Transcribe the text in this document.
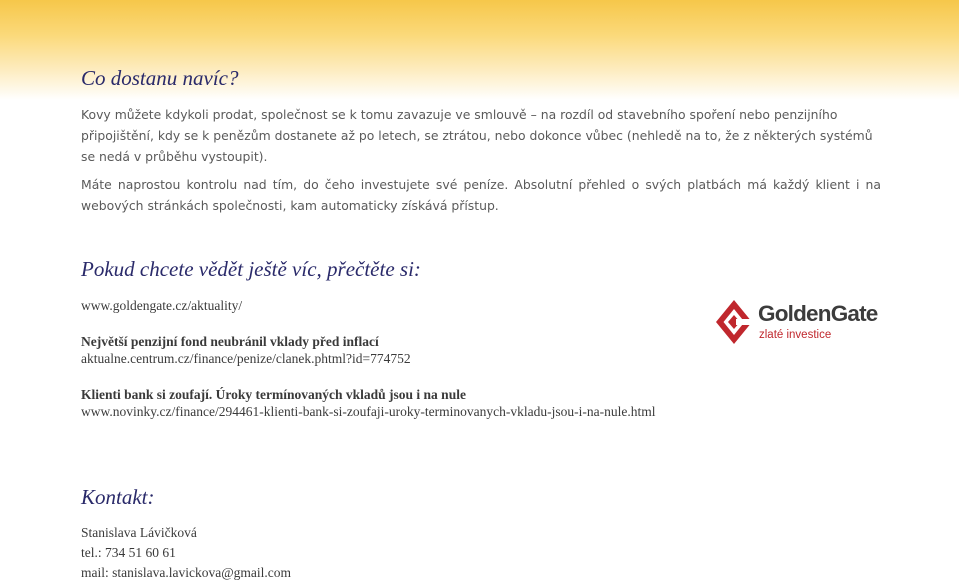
Co dostanu navíc?

Kovy můžete kdykoli prodat, společnost se k tomu zavazuje ve smlouvě – na rozdíl od stavebního spoření nebo penzijního připojištění, kdy se k penězům dostanete až po letech, se ztrátou, nebo dokonce vůbec (nehledě na to, že z některých systémů se nedá v průběhu vystoupit).

Máte naprostou kontrolu nad tím, do čeho investujete své peníze. Absolutní přehled o svých platbách má každý klient i na webových stránkách společnosti, kam automaticky získává přístup.

Pokud chcete vědět ještě víc, přečtěte si:
www.goldengate.cz/aktuality/
Největší penzijní fond neubránil vklady před inflací
aktualne.centrum.cz/finance/penize/clanek.phtml?id=774752
Klienti bank si zoufají. Úroky termínovaných vkladů jsou i na nule
www.novinky.cz/finance/294461-klienti-bank-si-zoufaji-uroky-terminovanych-vkladu-jsou-i-na-nule.html
GoldenGate
zlaté investice
Kontakt:
Stanislava Lávičková
tel.: 734 51 60 61
mail: stanislava.lavickova@gmail.com
